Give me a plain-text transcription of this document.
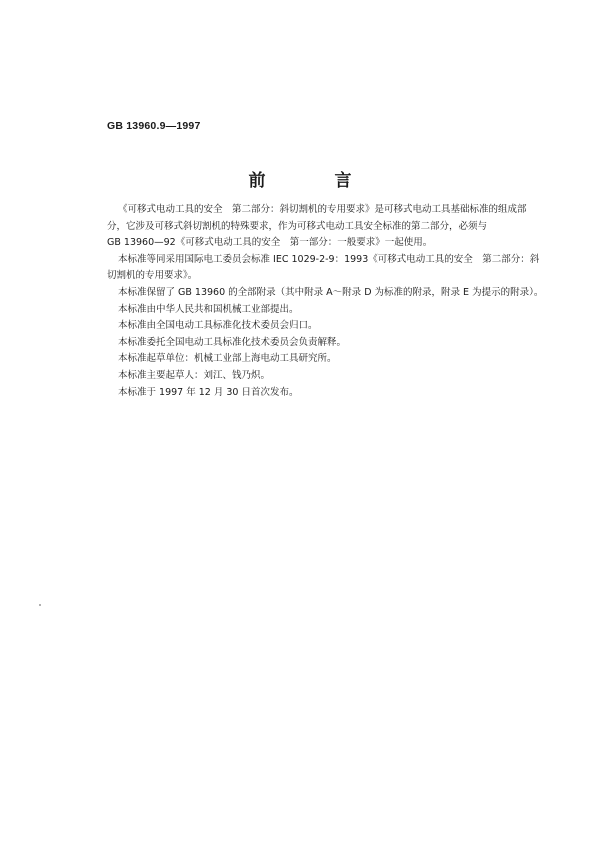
GB 13960.9—1997
前　言
《可移式电动工具的安全　第二部分：斜切割机的专用要求》是可移式电动工具基础标准的组成部
分，它涉及可移式斜切割机的特殊要求，作为可移式电动工具安全标准的第二部分，必须与
GB 13960—92《可移式电动工具的安全　第一部分：一般要求》一起使用。
本标准等同采用国际电工委员会标准 IEC 1029-2-9：1993《可移式电动工具的安全　第二部分：斜
切割机的专用要求》。
本标准保留了 GB 13960 的全部附录（其中附录 A～附录 D 为标准的附录，附录 E 为提示的附录）。
本标准由中华人民共和国机械工业部提出。
本标准由全国电动工具标准化技术委员会归口。
本标准委托全国电动工具标准化技术委员会负责解释。
本标准起草单位：机械工业部上海电动工具研究所。
本标准主要起草人：刘江、钱乃炽。
本标准于 1997 年 12 月 30 日首次发布。
